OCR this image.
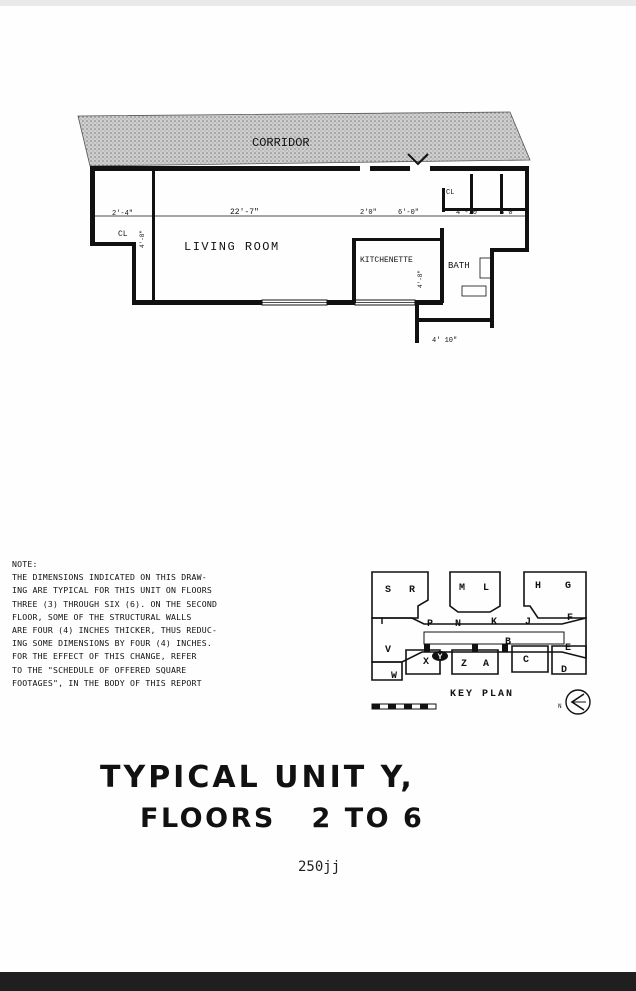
CORRIDOR
2'-4"	22'-7"	2'0"	6'-0"	4'-10"	3'0"
4'-8"
4'-8"
4' 10"
CL
LIVING ROOM
KITCHENETTE
BATH
CL
NOTE:
THE DIMENSIONS INDICATED ON THIS DRAW-
ING ARE TYPICAL FOR THIS UNIT ON FLOORS
THREE (3) THROUGH SIX (6). ON THE SECOND
FLOOR, SOME OF THE STRUCTURAL WALLS
ARE FOUR (4) INCHES THICKER, THUS REDUC-
ING SOME DIMENSIONS BY FOUR (4) INCHES.
FOR THE EFFECT OF THIS CHANGE, REFER
TO THE "SCHEDULE OF OFFERED SQUARE
FOOTAGES", IN THE BODY OF THIS REPORT
S R	M L	H G
T	P N	K	J	F
V
X Y
Z A
B
C
D
E
W
KEY PLAN
N
TYPICAL UNIT Y,
FLOORS   2 TO 6
250jj
